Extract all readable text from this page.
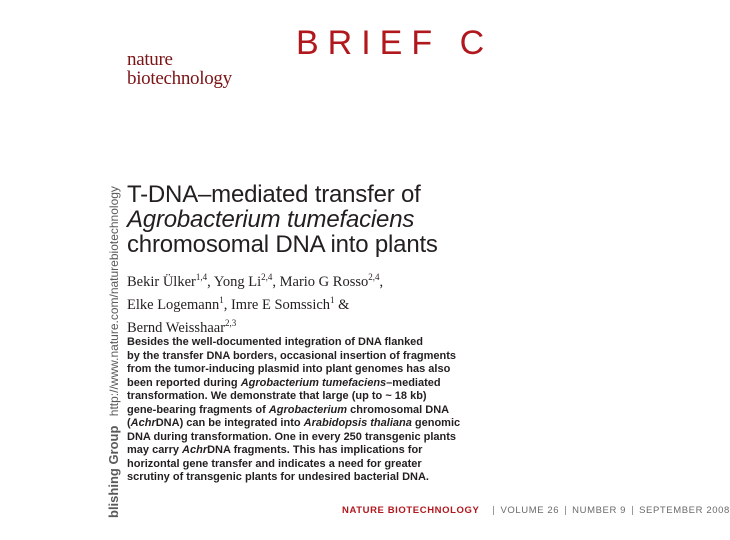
nature
biotechnology
BRIEF C
blishing Group http://www.nature.com/naturebiotechnology T-DNA–mediated transfer of
Agrobacterium tumefaciens
chromosomal DNA into plants
Bekir Ülker$^{1,4}$, Yong Li$^{2,4}$, Mario G Rosso$^{2,4}$,
Elke Logemann$^1$, Imre E Somssich$^1$ &
Bernd Weisshaar$^{2,3}$
Besides the well-documented integration of DNA flanked
by the transfer DNA borders, occasional insertion of fragments
from the tumor-inducing plasmid into plant genomes has also
been reported during Agrobacterium tumefaciens–mediated
transformation. We demonstrate that large (up to ~ 18 kb)
gene-bearing fragments of Agrobacterium chromosomal DNA
(AchrDNA) can be integrated into Arabidopsis thaliana genomic
DNA during transformation. One in every 250 transgenic plants
may carry AchrDNA fragments. This has implications for
horizontal gene transfer and indicates a need for greater
scrutiny of transgenic plants for undesired bacterial DNA.
NATURE BIOTECHNOLOGY VOLUME 26 NUMBER 9 SEPTEMBER 2008
